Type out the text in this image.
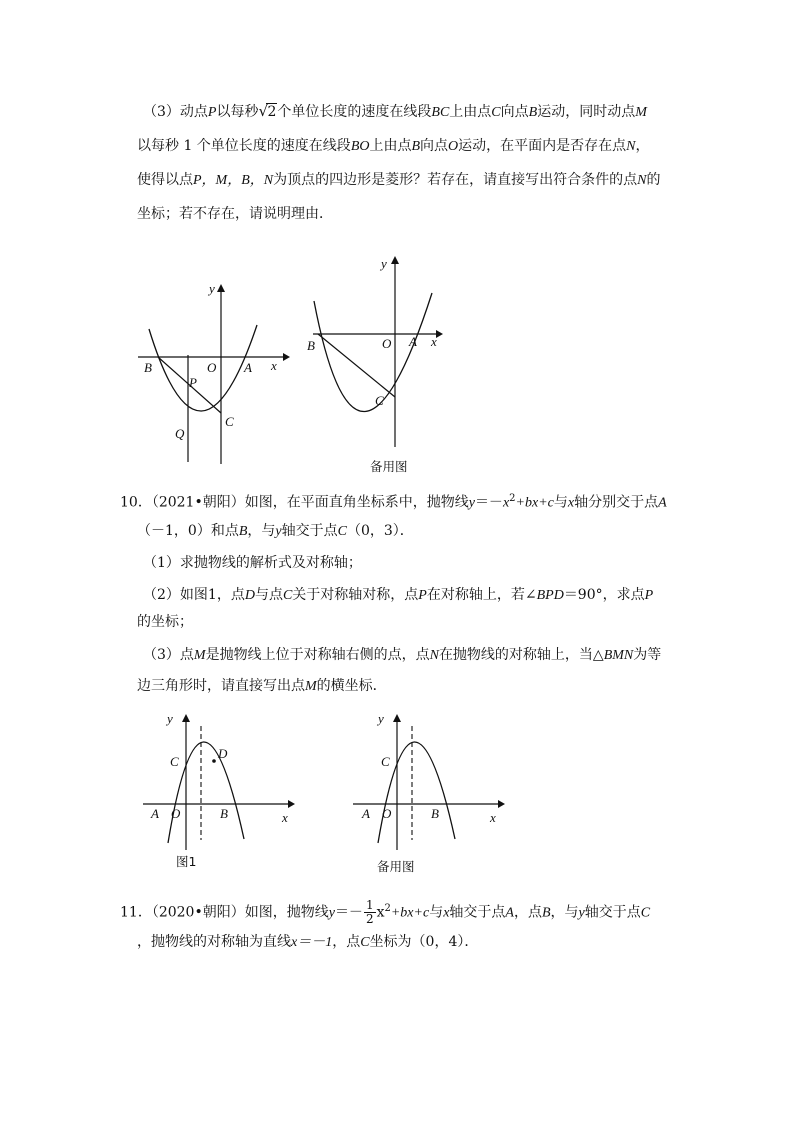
（3）动点P以每秒 √ 2个单位长度的速度在线段BC上由点C向点B运动，同时动点M
以每秒 1 个单位长度的速度在线段BO上由点B向点O运动，在平面内是否存在点N，
使得以点P，M，B，N为顶点的四边形是菱形？若存在，请直接写出符合条件的点N的
坐标；若不存在，请说明理由．
B	O A x
y
P
Q
C
B	O A x
y
C
备用图
10．（2021•朝阳）如图，在平面直角坐标系中，抛物线$y=-x^2+bx+c$与x轴分别交于点A
（－1，0）和点B，与y轴交于点C（0，3）．
（1）求抛物线的解析式及对称轴；
（2）如图1，点D与点C关于对称轴对称，点P在对称轴上，若∠BPD＝90°，求点P
的坐标；
（3）点M是抛物线上位于对称轴右侧的点，点N在抛物线的对称轴上，当△BMN为等
边三角形时，请直接写出点M的横坐标．
y
C
D
A O	B	x
图1
y
C
A O	B	x
备用图
11．（2020•朝阳）如图，抛物线$y=- \frac{1}{2} x^2+bx+c$与x轴交于点A，点B，与y轴交于点C
，抛物线的对称轴为直线x＝－1，点C坐标为（0，4）．
